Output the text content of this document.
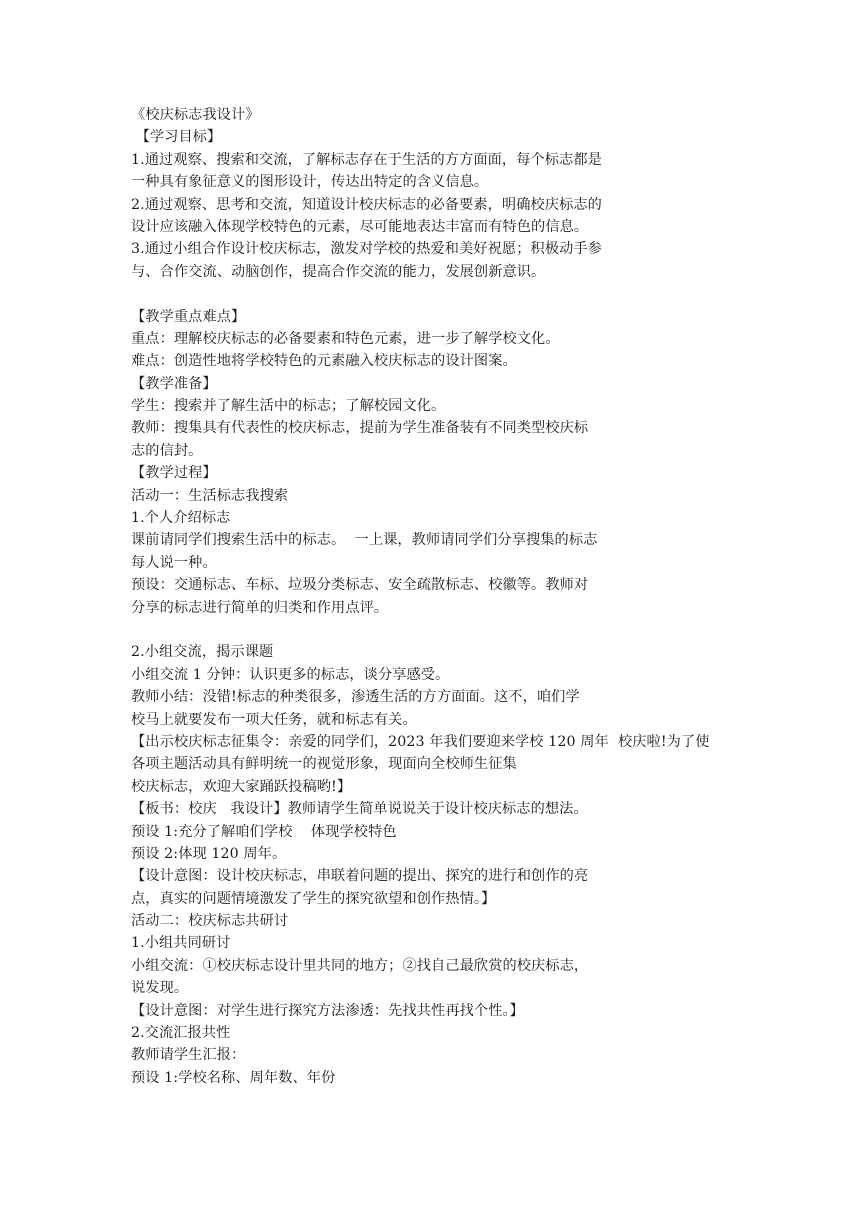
《校庆标志我设计》
【学习目标】
1.通过观察、搜索和交流，了解标志存在于生活的方方面面，每个标志都是
一种具有象征意义的图形设计，传达出特定的含义信息。
2.通过观察、思考和交流，知道设计校庆标志的必备要素，明确校庆标志的
设计应该融入体现学校特色的元素，尽可能地表达丰富而有特色的信息。
3.通过小组合作设计校庆标志，激发对学校的热爱和美好祝愿；积极动手参
与、合作交流、动脑创作，提高合作交流的能力，发展创新意识。
【教学重点难点】
重点：理解校庆标志的必备要素和特色元素，进一步了解学校文化。
难点：创造性地将学校特色的元素融入校庆标志的设计图案。
【教学准备】
学生：搜索并了解生活中的标志；了解校园文化。
教师：搜集具有代表性的校庆标志，提前为学生准备装有不同类型校庆标
志的信封。
【教学过程】
活动一：生活标志我搜索
1.个人介绍标志
课前请同学们搜索生活中的标志。  一上课，教师请同学们分享搜集的标志
每人说一种。
预设：交通标志、车标、垃圾分类标志、安全疏散标志、校徽等。教师对
分享的标志进行简单的归类和作用点评。
2.小组交流，揭示课题
小组交流 1 分钟：认识更多的标志，谈分享感受。
教师小结：没错!标志的种类很多，渗透生活的方方面面。这不，咱们学
校马上就要发布一项大任务，就和标志有关。
【出示校庆标志征集令：亲爱的同学们，2023 年我们要迎来学校 120 周年  校庆啦!为了使
各项主题活动具有鲜明统一的视觉形象，现面向全校师生征集
校庆标志，欢迎大家踊跃投稿哟!】
【板书：校庆   我设计】教师请学生简单说说关于设计校庆标志的想法。
预设 1:充分了解咱们学校    体现学校特色
预设 2:体现 120 周年。
【设计意图：设计校庆标志，串联着问题的提出、探究的进行和创作的亮
点，真实的问题情境激发了学生的探究欲望和创作热情。】
活动二：校庆标志共研讨
1.小组共同研讨
小组交流：①校庆标志设计里共同的地方；②找自己最欣赏的校庆标志，
说发现。
【设计意图：对学生进行探究方法渗透：先找共性再找个性。】
2.交流汇报共性
教师请学生汇报：
预设 1:学校名称、周年数、年份
